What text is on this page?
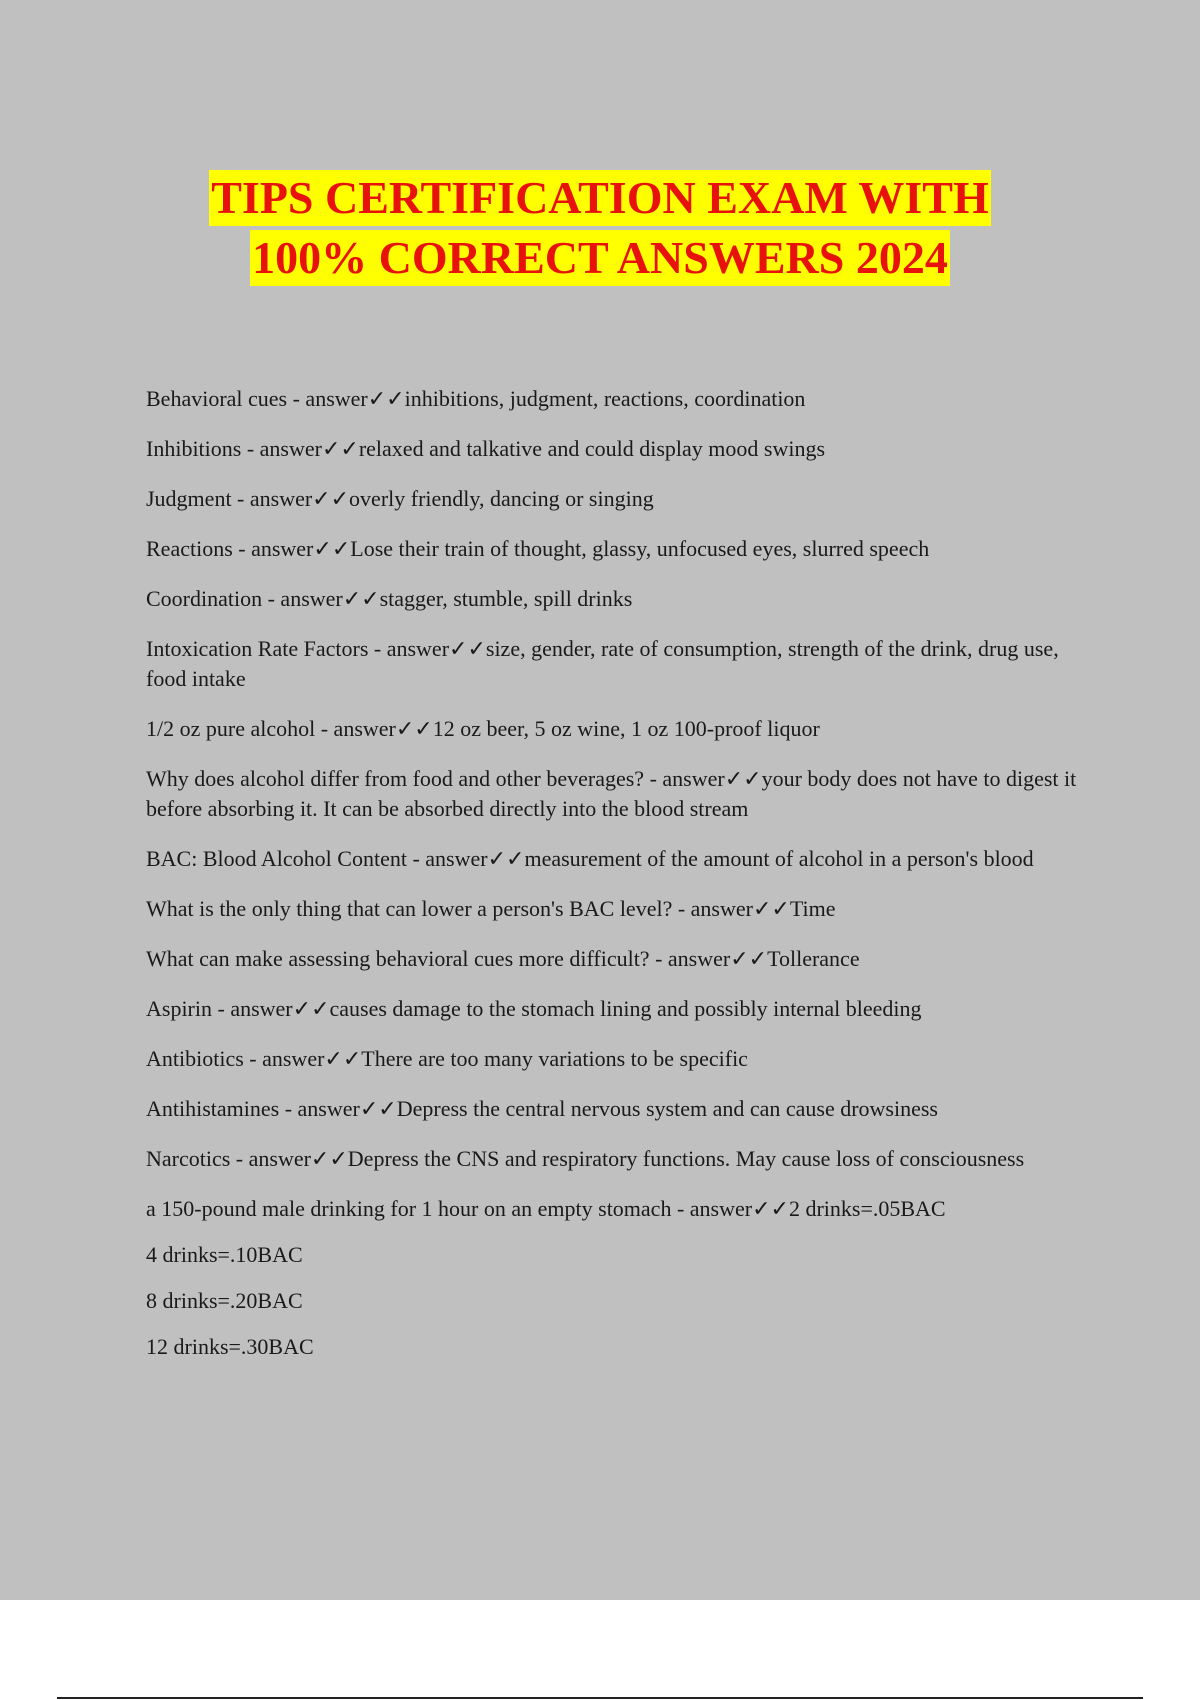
TIPS CERTIFICATION EXAM WITH
100% CORRECT ANSWERS 2024

Behavioral cues - answer✓✓inhibitions, judgment, reactions, coordination

Inhibitions - answer✓✓relaxed and talkative and could display mood swings

Judgment - answer✓✓overly friendly, dancing or singing

Reactions - answer✓✓Lose their train of thought, glassy, unfocused eyes, slurred speech

Coordination - answer✓✓stagger, stumble, spill drinks

Intoxication Rate Factors - answer✓✓size, gender, rate of consumption, strength of the drink, drug use, food intake

1/2 oz pure alcohol - answer✓✓12 oz beer, 5 oz wine, 1 oz 100-proof liquor

Why does alcohol differ from food and other beverages? - answer✓✓your body does not have to digest it before absorbing it. It can be absorbed directly into the blood stream

BAC: Blood Alcohol Content - answer✓✓measurement of the amount of alcohol in a person's blood

What is the only thing that can lower a person's BAC level? - answer✓✓Time

What can make assessing behavioral cues more difficult? - answer✓✓Tollerance

Aspirin - answer✓✓causes damage to the stomach lining and possibly internal bleeding

Antibiotics - answer✓✓There are too many variations to be specific

Antihistamines - answer✓✓Depress the central nervous system and can cause drowsiness

Narcotics - answer✓✓Depress the CNS and respiratory functions. May cause loss of consciousness

a 150-pound male drinking for 1 hour on an empty stomach - answer✓✓2 drinks=.05BAC

4 drinks=.10BAC

8 drinks=.20BAC

12 drinks=.30BAC
